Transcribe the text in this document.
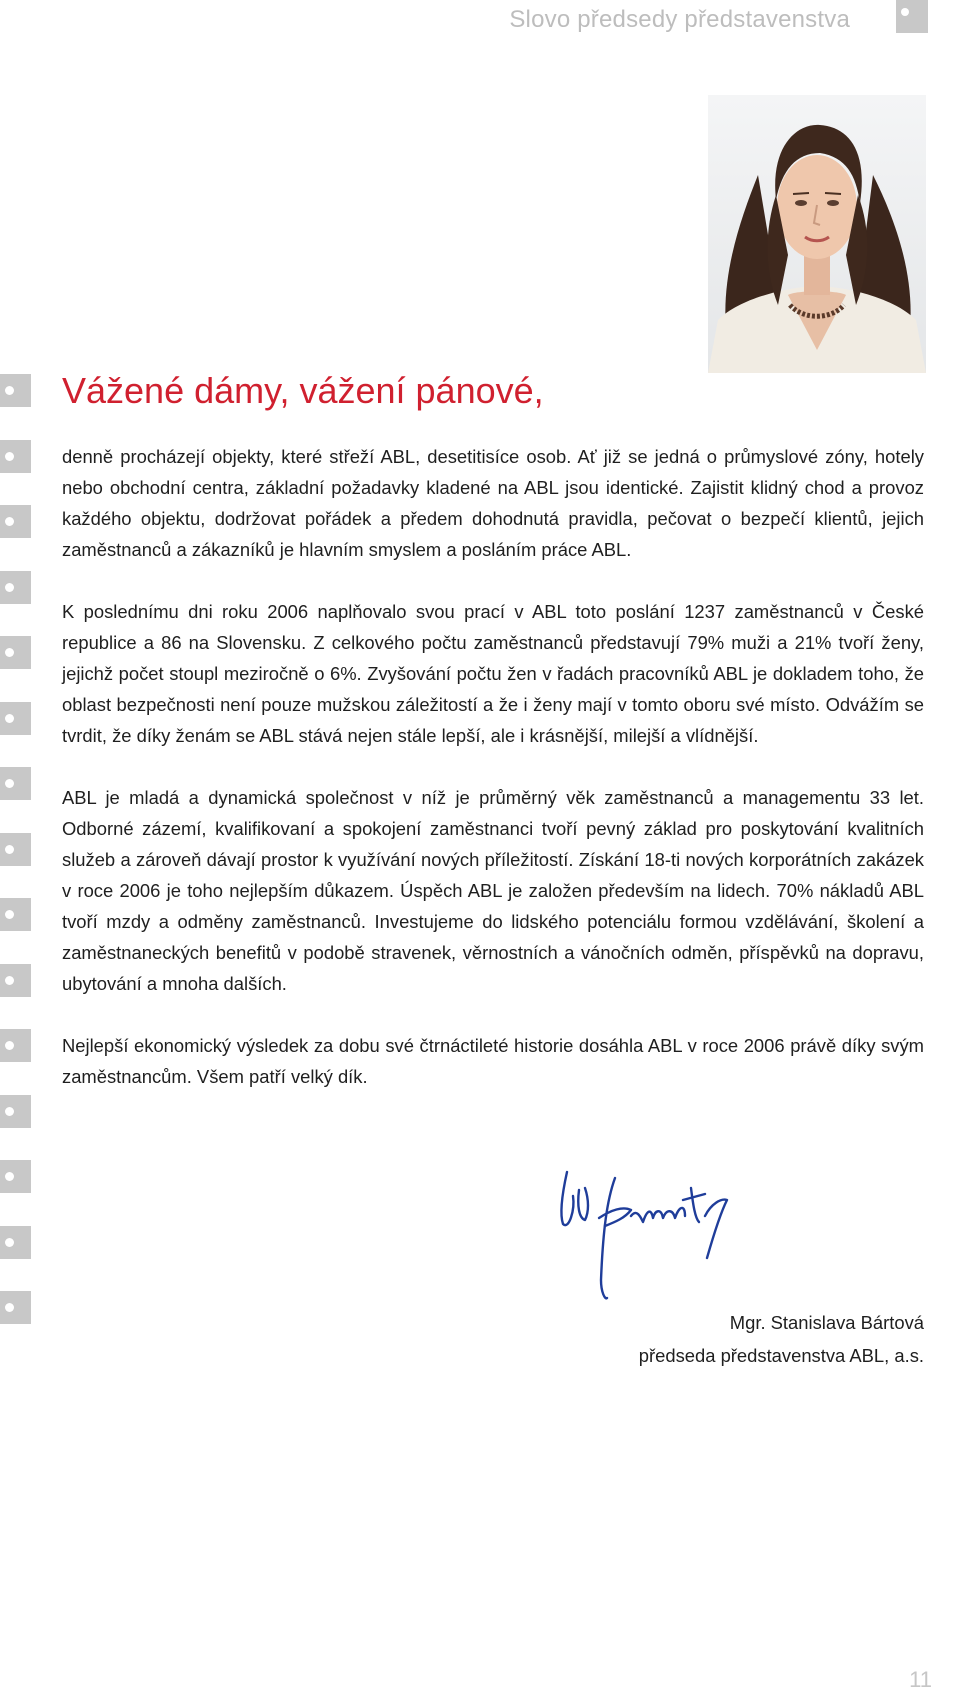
Slovo předsedy představenstva
Vážené dámy, vážení pánové,

denně procházejí objekty, které střeží ABL, desetitisíce osob. Ať již se jedná o průmyslové zóny, hotely nebo obchodní centra, základní požadavky kladené na ABL jsou identické. Zajistit klidný chod a provoz každého objektu, dodržovat pořádek a předem dohodnutá pravidla, pečovat o bezpečí klientů, jejich zaměstnanců a zákazníků je hlavním smyslem a posláním práce ABL.

K poslednímu dni roku 2006 naplňovalo svou prací v ABL toto poslání 1237 zaměstnanců v České republice a 86 na Slovensku. Z celkového počtu zaměstnanců představují 79% muži a 21% tvoří ženy, jejichž počet stoupl meziročně o 6%. Zvyšování počtu žen v řadách pracovníků ABL je dokladem toho, že oblast bezpečnosti není pouze mužskou záležitostí a že i ženy mají v tomto oboru své místo. Odvážím se tvrdit, že díky ženám se ABL stává nejen stále lepší, ale i krásnější, milejší a vlídnější.

ABL je mladá a dynamická společnost v níž je průměrný věk zaměstnanců a managementu 33 let. Odborné zázemí, kvalifikovaní a spokojení zaměstnanci tvoří pevný základ pro poskytování kvalitních služeb a zároveň dávají prostor k využívání nových příležitostí. Získání 18-ti nových korporátních zakázek v roce 2006 je toho nejlepším důkazem. Úspěch ABL je založen především na lidech. 70% nákladů ABL tvoří mzdy a odměny zaměstnanců. Investujeme do lidského potenciálu formou vzdělávání, školení a zaměstnaneckých benefitů v podobě stravenek, věrnostních a vánočních odměn, příspěvků na dopravu, ubytování a mnoha dalších.

Nejlepší ekonomický výsledek za dobu své čtrnáctileté historie dosáhla ABL v roce 2006 právě díky svým zaměstnancům. Všem patří velký dík.

Mgr. Stanislava Bártová
předseda představenstva ABL, a.s.
11
